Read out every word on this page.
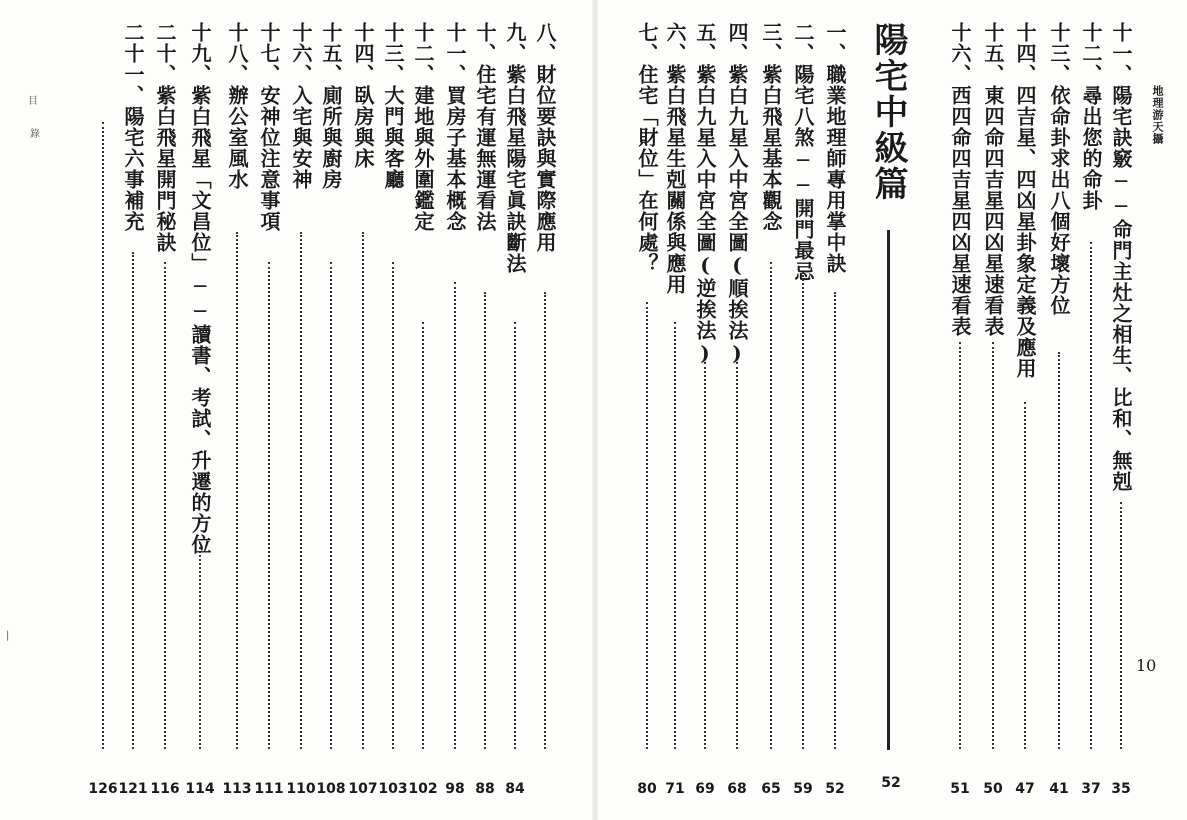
目
錄
|
地理游天攝
10
陽宅中級篇
52
八、財位要訣與實際應用
九、紫白飛星陽宅眞訣斷法
84
十、住宅有運無運看法
88
十一、買房子基本概念
98
十二、建地與外圍鑑定
102
十三、大門與客廳
103
十四、臥房與床
107
十五、廁所與廚房
108
十六、入宅與安神
110
十七、安神位注意事項
111
十八、辦公室風水
113
十九、紫白飛星「文昌位」──讀書、考試、升遷的方位
114
二十、紫白飛星開門秘訣
116
二十一、陽宅六事補充
121
126
七、住宅「財位」在何處？
80
六、紫白飛星生剋關係與應用
71
五、紫白九星入中宮全圖(逆挨法)
69
四、紫白九星入中宮全圖(順挨法)
68
三、紫白飛星基本觀念
65
二、陽宅八煞──開門最忌
59
一、職業地理師專用掌中訣
52
十六、西四命四吉星四凶星速看表
51
十五、東四命四吉星四凶星速看表
50
十四、四吉星、四凶星卦象定義及應用
47
十三、依命卦求出八個好壞方位
41
十二、尋出您的命卦
37
十一、陽宅訣竅──命門主灶之相生、比和、無剋
35
